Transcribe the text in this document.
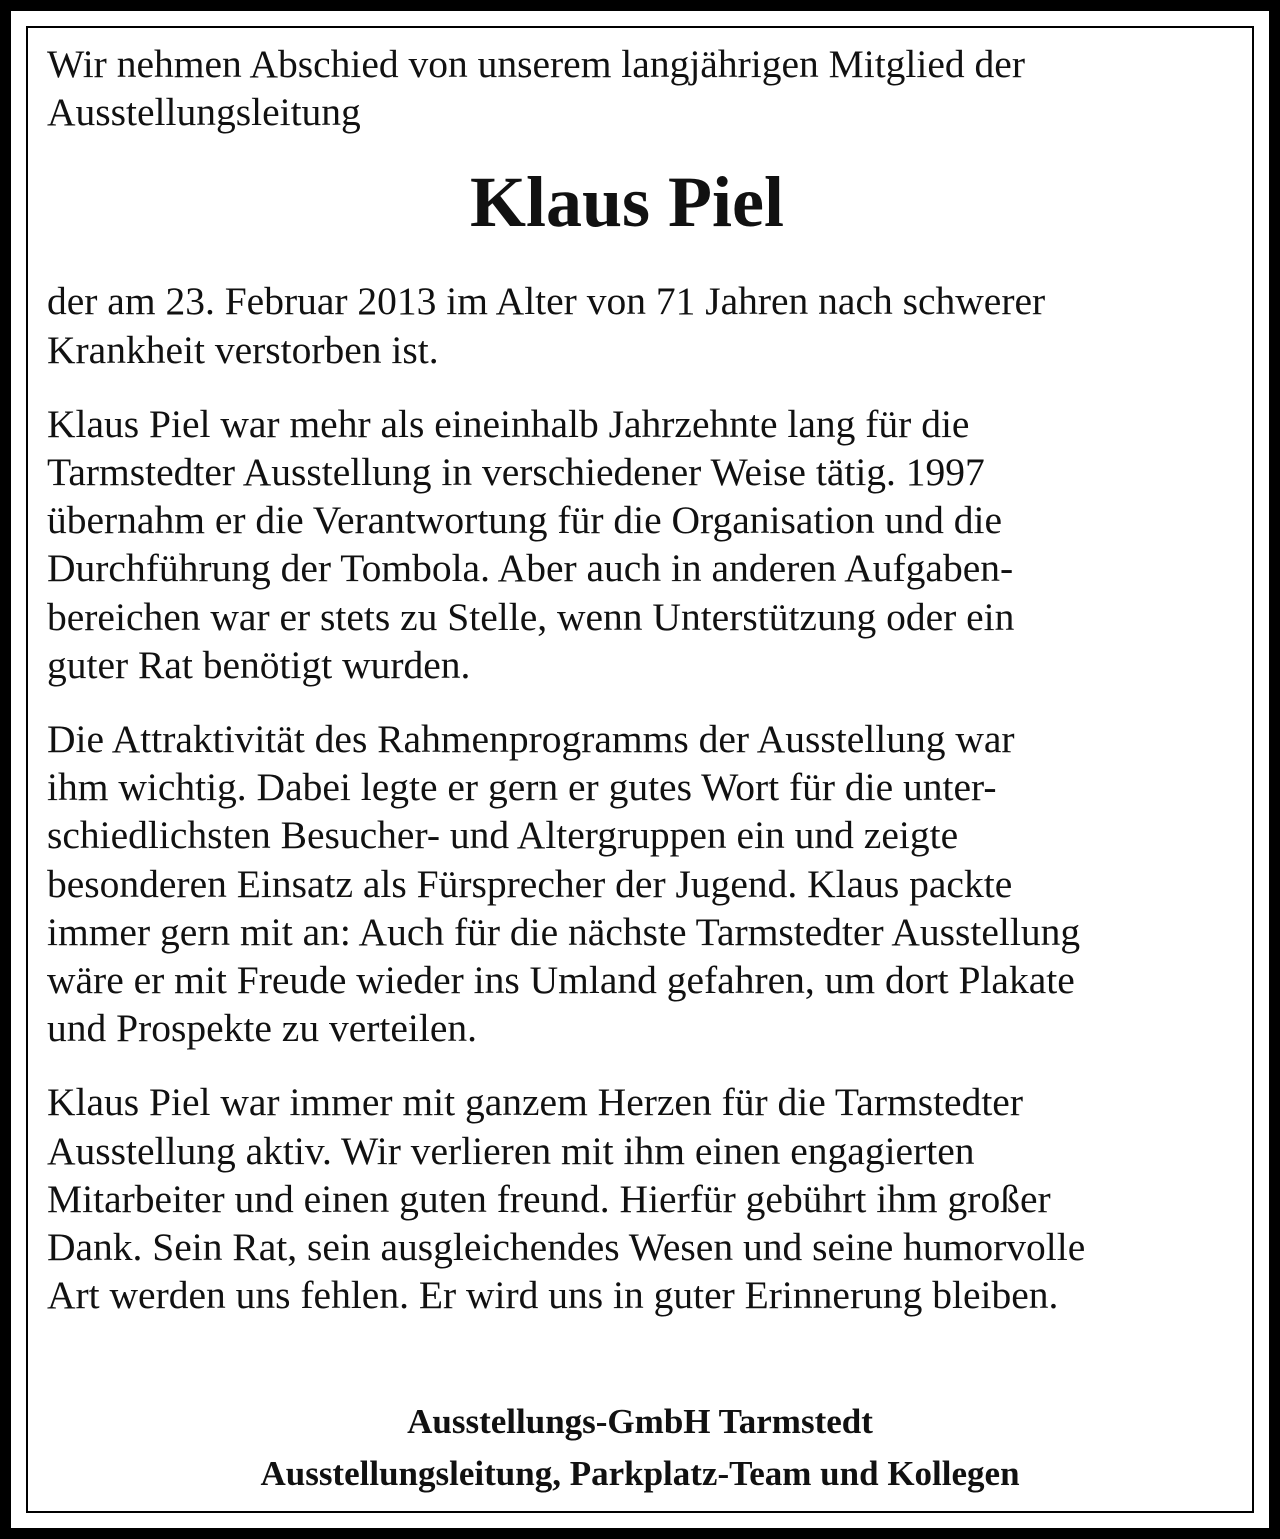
Wir nehmen Abschied von unserem langjährigen Mitglied der
Ausstellungsleitung

Klaus Piel

der am 23. Februar 2013 im Alter von 71 Jahren nach schwerer
Krankheit verstorben ist.

Klaus Piel war mehr als eineinhalb Jahrzehnte lang für die
Tarmstedter Ausstellung in verschiedener Weise tätig. 1997
übernahm er die Verantwortung für die Organisation und die
Durchführung der Tombola. Aber auch in anderen Aufgaben-
bereichen war er stets zu Stelle, wenn Unterstützung oder ein
guter Rat benötigt wurden.

Die Attraktivität des Rahmenprogramms der Ausstellung war
ihm wichtig. Dabei legte er gern er gutes Wort für die unter-
schiedlichsten Besucher- und Altergruppen ein und zeigte
besonderen Einsatz als Fürsprecher der Jugend. Klaus packte
immer gern mit an: Auch für die nächste Tarmstedter Ausstellung
wäre er mit Freude wieder ins Umland gefahren, um dort Plakate
und Prospekte zu verteilen.

Klaus Piel war immer mit ganzem Herzen für die Tarmstedter
Ausstellung aktiv. Wir verlieren mit ihm einen engagierten
Mitarbeiter und einen guten freund. Hierfür gebührt ihm großer
Dank. Sein Rat, sein ausgleichendes Wesen und seine humorvolle
Art werden uns fehlen. Er wird uns in guter Erinnerung bleiben.

Ausstellungs-GmbH Tarmstedt
Ausstellungsleitung, Parkplatz-Team und Kollegen
